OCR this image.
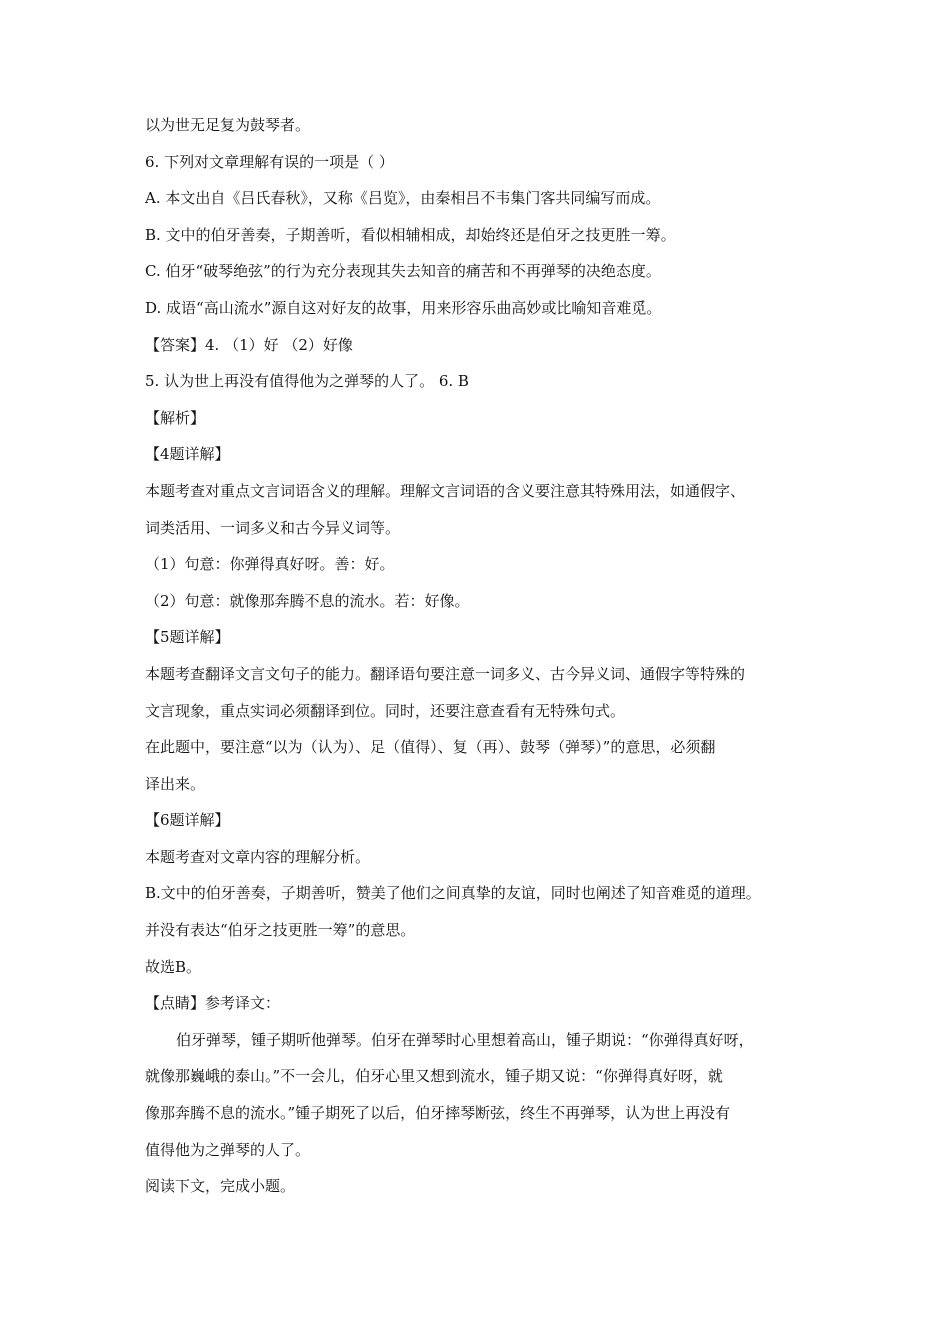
以为世无足复为鼓琴者。
6. 下列对文章理解有误的一项是（ ）
A. 本文出自《吕氏春秋》，又称《吕览》，由秦相吕不韦集门客共同编写而成。
B. 文中的伯牙善奏，子期善听，看似相辅相成，却始终还是伯牙之技更胜一筹。
C. 伯牙“破琴绝弦”的行为充分表现其失去知音的痛苦和不再弹琴的决绝态度。
D. 成语“高山流水”源自这对好友的故事，用来形容乐曲高妙或比喻知音难觅。
【答案】4. （1）好 （2）好像
5. 认为世上再没有值得他为之弹琴的人了。 6. B
【解析】
【4题详解】
本题考查对重点文言词语含义的理解。理解文言词语的含义要注意其特殊用法，如通假字、
词类活用、一词多义和古今异义词等。
（1）句意：你弹得真好呀。善：好。
（2）句意：就像那奔腾不息的流水。若：好像。
【5题详解】
本题考查翻译文言文句子的能力。翻译语句要注意一词多义、古今异义词、通假字等特殊的
文言现象，重点实词必须翻译到位。同时，还要注意查看有无特殊句式。
在此题中，要注意“以为（认为）、足（值得）、复（再）、鼓琴（弹琴）”的意思，必须翻
译出来。
【6题详解】
本题考查对文章内容的理解分析。
B.文中的伯牙善奏，子期善听，赞美了他们之间真挚的友谊，同时也阐述了知音难觅的道理。
并没有表达“伯牙之技更胜一筹”的意思。
故选B。
【点睛】参考译文：
伯牙弹琴，锺子期听他弹琴。伯牙在弹琴时心里想着高山，锺子期说：“你弹得真好呀，
就像那巍峨的泰山。”不一会儿，伯牙心里又想到流水，锺子期又说：“你弹得真好呀，就
像那奔腾不息的流水。”锺子期死了以后，伯牙摔琴断弦，终生不再弹琴，认为世上再没有
值得他为之弹琴的人了。
阅读下文，完成小题。
